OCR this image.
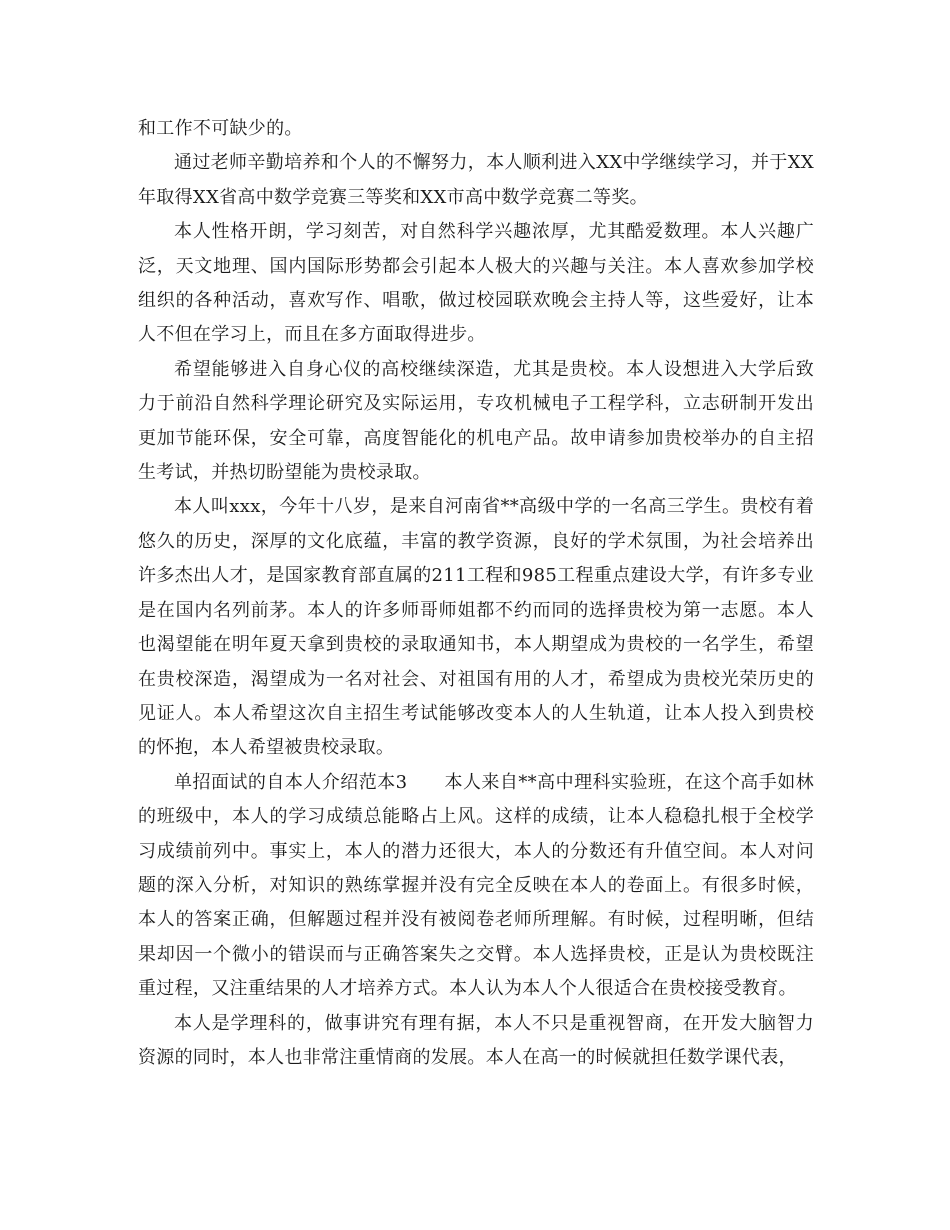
和工作不可缺少的。

通过老师辛勤培养和个人的不懈努力，本人顺利进入XX中学继续学习，并于XX年取得XX省高中数学竞赛三等奖和XX市高中数学竞赛二等奖。

本人性格开朗，学习刻苦，对自然科学兴趣浓厚，尤其酷爱数理。本人兴趣广泛，天文地理、国内国际形势都会引起本人极大的兴趣与关注。本人喜欢参加学校组织的各种活动，喜欢写作、唱歌，做过校园联欢晚会主持人等，这些爱好，让本人不但在学习上，而且在多方面取得进步。

希望能够进入自身心仪的高校继续深造，尤其是贵校。本人设想进入大学后致力于前沿自然科学理论研究及实际运用，专攻机械电子工程学科，立志研制开发出更加节能环保，安全可靠，高度智能化的机电产品。故申请参加贵校举办的自主招生考试，并热切盼望能为贵校录取。

本人叫xxx，今年十八岁，是来自河南省**高级中学的一名高三学生。贵校有着悠久的历史，深厚的文化底蕴，丰富的教学资源，良好的学术氛围，为社会培养出许多杰出人才，是国家教育部直属的211工程和985工程重点建设大学，有许多专业是在国内名列前茅。本人的许多师哥师姐都不约而同的选择贵校为第一志愿。本人也渴望能在明年夏天拿到贵校的录取通知书，本人期望成为贵校的一名学生，希望在贵校深造，渴望成为一名对社会、对祖国有用的人才，希望成为贵校光荣历史的见证人。本人希望这次自主招生考试能够改变本人的人生轨道，让本人投入到贵校的怀抱，本人希望被贵校录取。

单招面试的自本人介绍范本3　　本人来自**高中理科实验班，在这个高手如林的班级中，本人的学习成绩总能略占上风。这样的成绩，让本人稳稳扎根于全校学习成绩前列中。事实上，本人的潜力还很大，本人的分数还有升值空间。本人对问题的深入分析，对知识的熟练掌握并没有完全反映在本人的卷面上。有很多时候，本人的答案正确，但解题过程并没有被阅卷老师所理解。有时候，过程明晰，但结果却因一个微小的错误而与正确答案失之交臂。本人选择贵校，正是认为贵校既注重过程，又注重结果的人才培养方式。本人认为本人个人很适合在贵校接受教育。

本人是学理科的，做事讲究有理有据，本人不只是重视智商，在开发大脑智力资源的同时，本人也非常注重情商的发展。本人在高一的时候就担任数学课代表，
